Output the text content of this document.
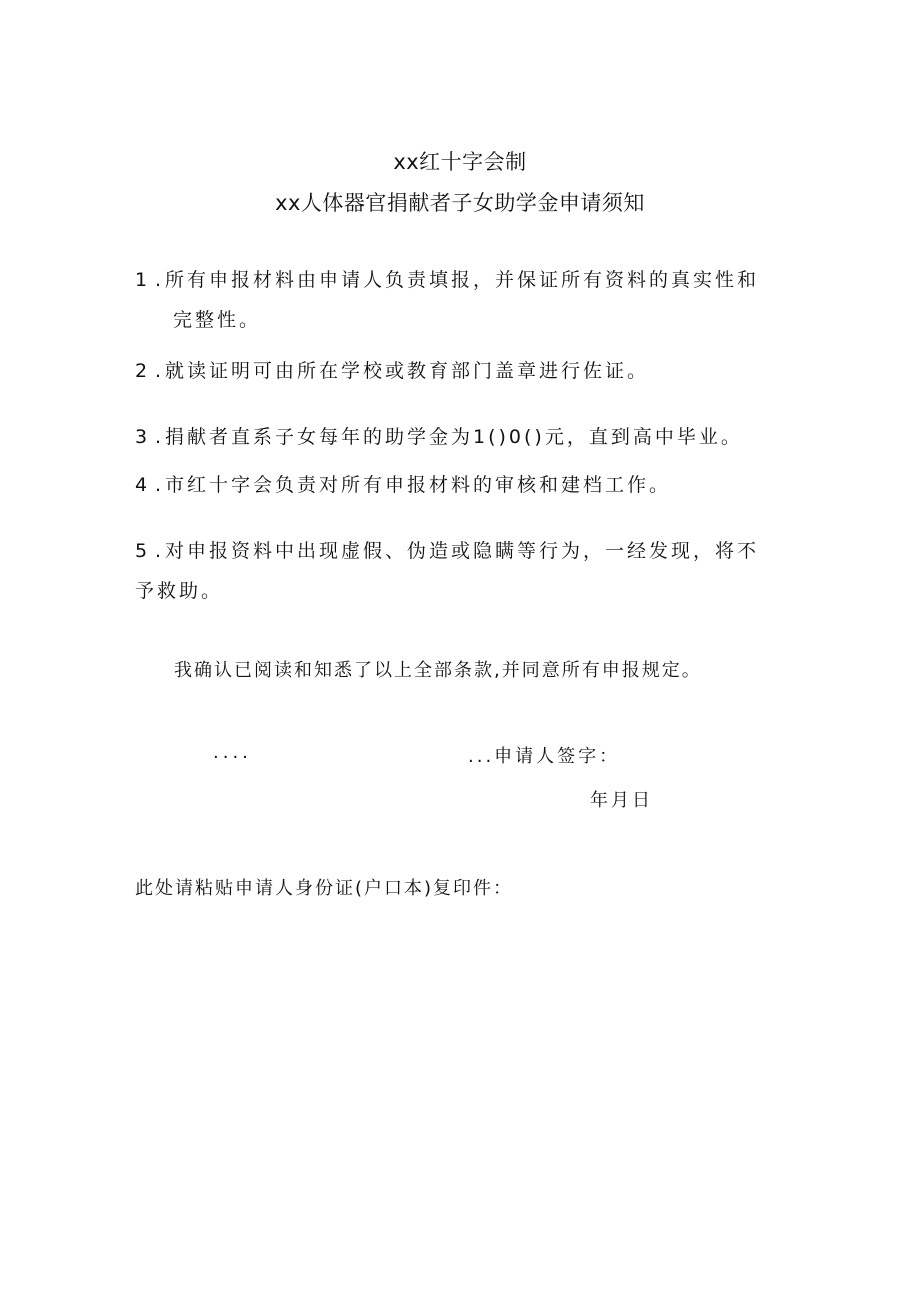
xx红十字会制
xx人体器官捐献者子女助学金申请须知
1 .所有申报材料由申请人负责填报，并保证所有资料的真实性和
完整性。
2 .就读证明可由所在学校或教育部门盖章进行佐证。
3 .捐献者直系子女每年的助学金为1()0()元，直到高中毕业。
4 .市红十字会负责对所有申报材料的审核和建档工作。
5 .对申报资料中出现虚假、伪造或隐瞒等行为，一经发现，将不
予救助。
我确认已阅读和知悉了以上全部条款,并同意所有申报规定。
....	...申请人签字：
年月日
此处请粘贴申请人身份证(户口本)复印件：
